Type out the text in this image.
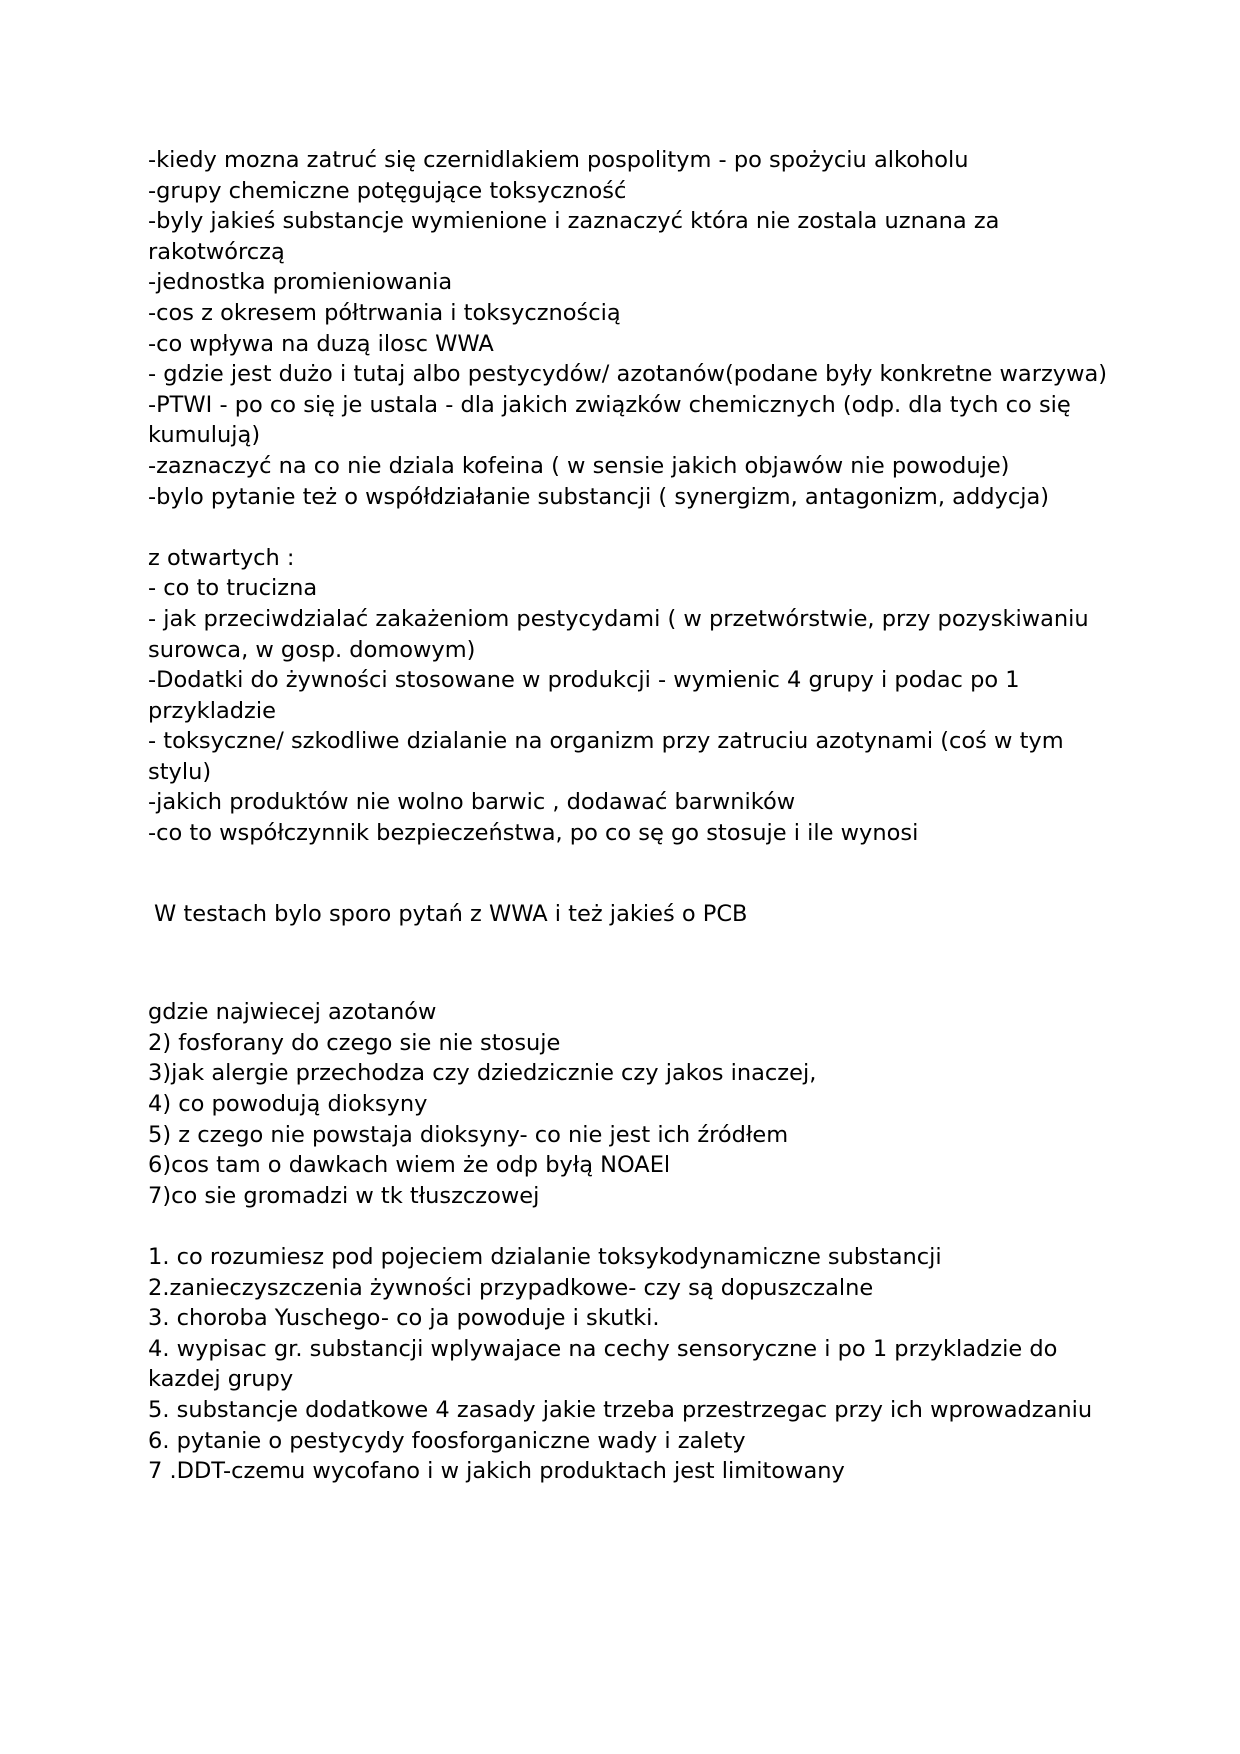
-kiedy mozna zatruć się czernidlakiem pospolitym - po spożyciu alkoholu
-grupy chemiczne potęgujące toksyczność
-byly jakieś substancje wymienione i zaznaczyć która nie zostala uznana za rakotwórczą
-jednostka promieniowania
-cos z okresem półtrwania i toksycznością
-co wpływa na duzą ilosc WWA
- gdzie jest dużo i tutaj albo pestycydów/ azotanów(podane były konkretne warzywa)
-PTWI - po co się je ustala - dla jakich związków chemicznych (odp. dla tych co się kumulują)
-zaznaczyć na co nie dziala kofeina ( w sensie jakich objawów nie powoduje)
-bylo pytanie też o współdziałanie substancji ( synergizm, antagonizm, addycja)
z otwartych :
- co to trucizna
- jak przeciwdzialać zakażeniom pestycydami ( w przetwórstwie, przy pozyskiwaniu surowca, w gosp. domowym)
-Dodatki do żywności stosowane w produkcji - wymienic 4 grupy i podac po 1 przykladzie
- toksyczne/ szkodliwe dzialanie na organizm przy zatruciu azotynami (coś w tym stylu)
-jakich produktów nie wolno barwic , dodawać barwników
-co to współczynnik bezpieczeństwa, po co sę go stosuje i ile wynosi
W testach bylo sporo pytań z WWA i też jakieś o PCB
gdzie najwiecej azotanów
2) fosforany do czego sie nie stosuje
3)jak alergie przechodza czy dziedzicznie czy jakos inaczej,
4) co powodują dioksyny
5) z czego nie powstaja dioksyny- co nie jest ich źródłem
6)cos tam o dawkach wiem że odp byłą NOAEl
7)co sie gromadzi w tk tłuszczowej
1. co rozumiesz pod pojeciem dzialanie toksykodynamiczne substancji
2.zanieczyszczenia żywności przypadkowe- czy są dopuszczalne
3. choroba Yuschego- co ja powoduje i skutki.
4. wypisac gr. substancji wplywajace na cechy sensoryczne i po 1 przykladzie do kazdej grupy
5. substancje dodatkowe 4 zasady jakie trzeba przestrzegac przy ich wprowadzaniu
6. pytanie o pestycydy foosforganiczne wady i zalety
7 .DDT-czemu wycofano i w jakich produktach jest limitowany
